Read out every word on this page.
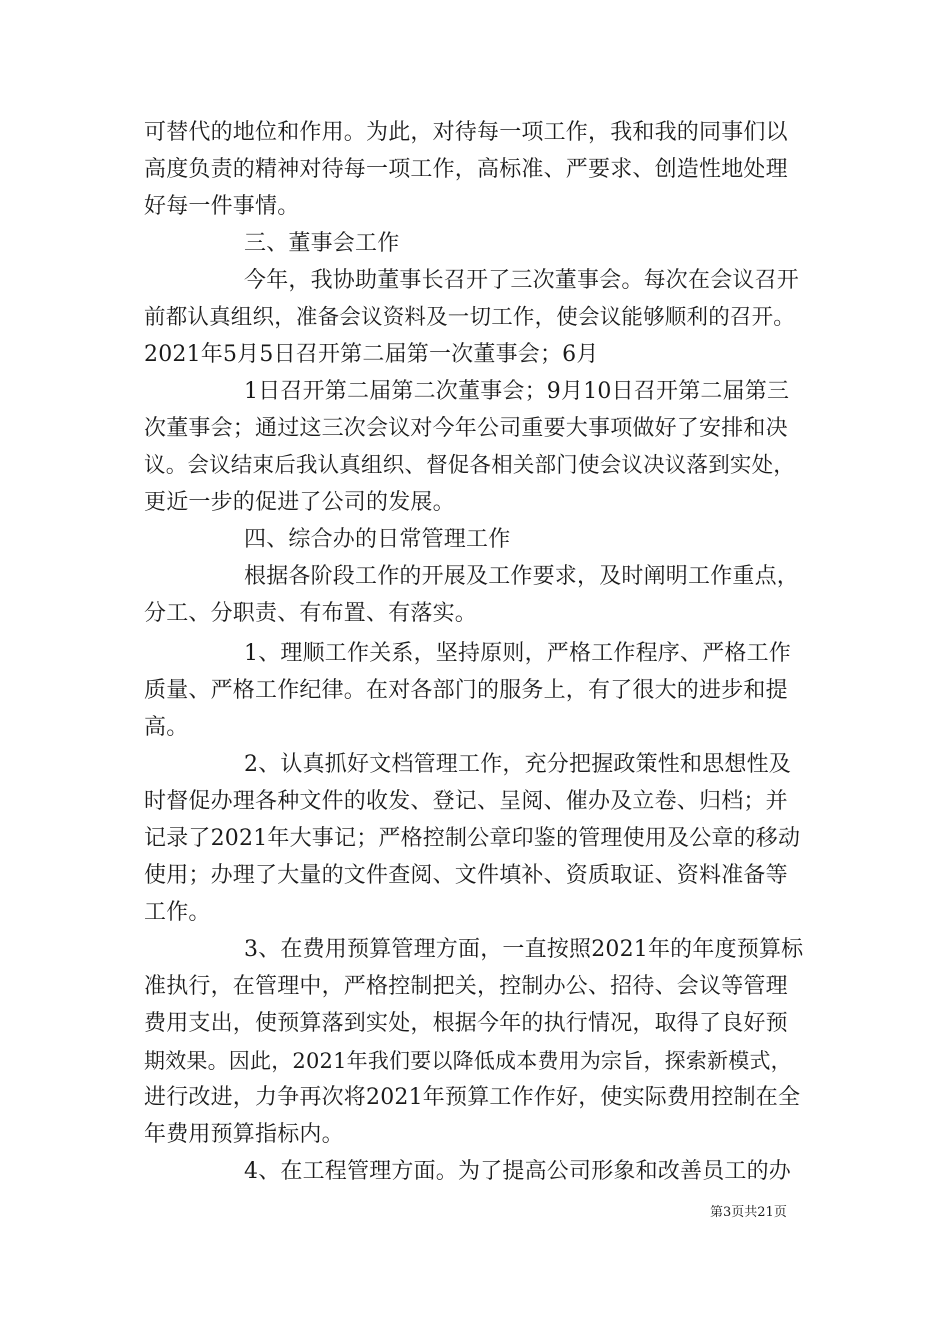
可替代的地位和作用。为此，对待每一项工作，我和我的同事们以
高度负责的精神对待每一项工作，高标准、严要求、创造性地处理
好每一件事情。
三、董事会工作
今年，我协助董事长召开了三次董事会。每次在会议召开
前都认真组织，准备会议资料及一切工作，使会议能够顺利的召开。
2021年5月5日召开第二届第一次董事会；6月
1日召开第二届第二次董事会；9月10日召开第二届第三
次董事会；通过这三次会议对今年公司重要大事项做好了安排和决
议。会议结束后我认真组织、督促各相关部门使会议决议落到实处，
更近一步的促进了公司的发展。
四、综合办的日常管理工作
根据各阶段工作的开展及工作要求，及时阐明工作重点，
分工、分职责、有布置、有落实。
1、理顺工作关系，坚持原则，严格工作程序、严格工作
质量、严格工作纪律。在对各部门的服务上，有了很大的进步和提
高。
2、认真抓好文档管理工作，充分把握政策性和思想性及
时督促办理各种文件的收发、登记、呈阅、催办及立卷、归档；并
记录了2021年大事记；严格控制公章印鉴的管理使用及公章的移动
使用；办理了大量的文件查阅、文件填补、资质取证、资料准备等
工作。
3、在费用预算管理方面，一直按照2021年的年度预算标
准执行，在管理中，严格控制把关，控制办公、招待、会议等管理
费用支出，使预算落到实处，根据今年的执行情况，取得了良好预
期效果。因此，2021年我们要以降低成本费用为宗旨，探索新模式，
进行改进，力争再次将2021年预算工作作好，使实际费用控制在全
年费用预算指标内。
4、在工程管理方面。为了提高公司形象和改善员工的办
第3页共21页
